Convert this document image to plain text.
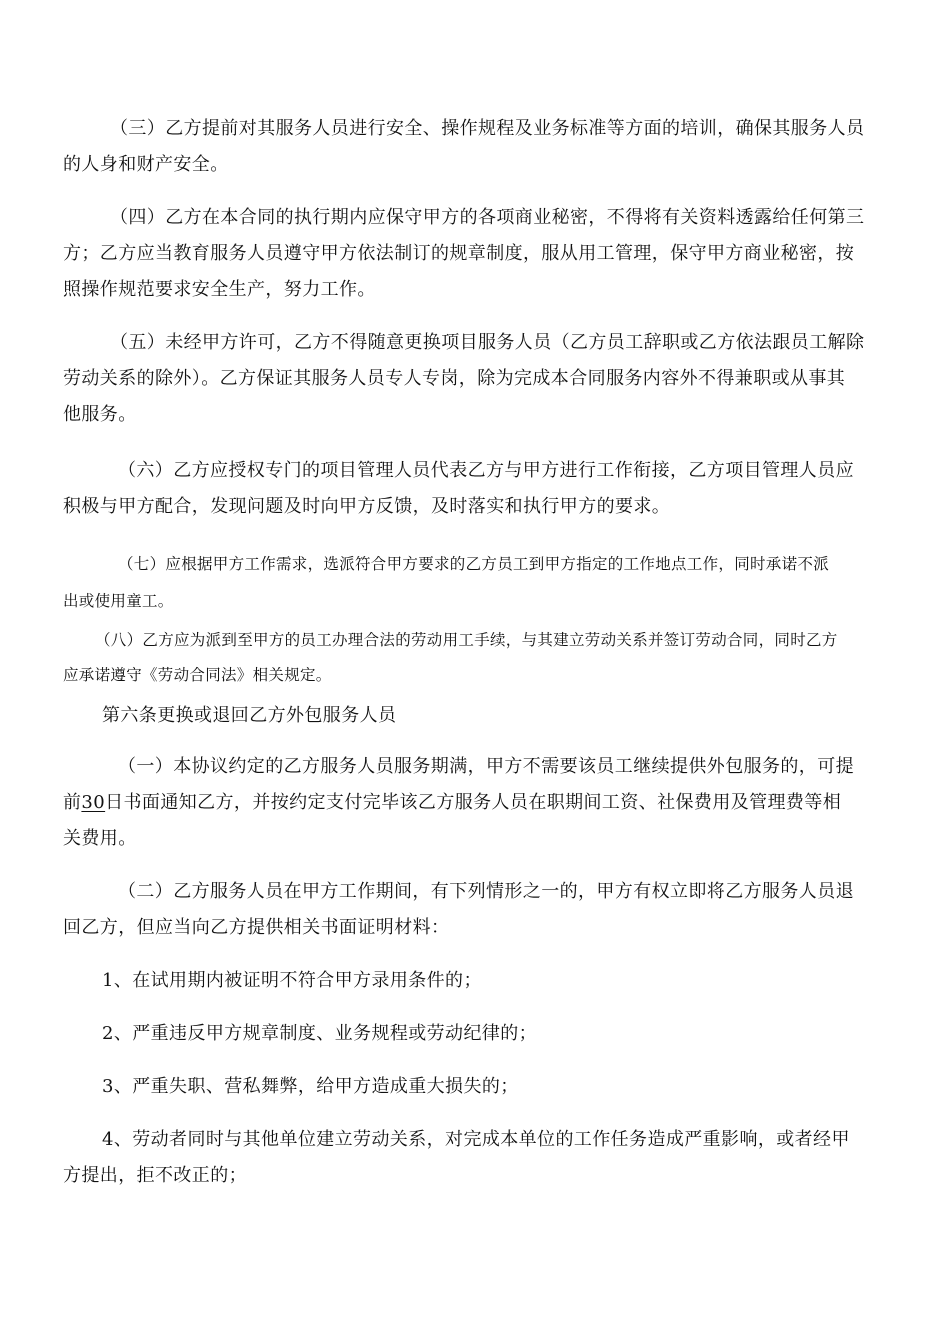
（三）乙方提前对其服务人员进行安全、操作规程及业务标准等方面的培训，确保其服务人员
的人身和财产安全。
（四）乙方在本合同的执行期内应保守甲方的各项商业秘密，不得将有关资料透露给任何第三
方；乙方应当教育服务人员遵守甲方依法制订的规章制度，服从用工管理，保守甲方商业秘密，按
照操作规范要求安全生产，努力工作。
（五）未经甲方许可，乙方不得随意更换项目服务人员（乙方员工辞职或乙方依法跟员工解除
劳动关系的除外）。乙方保证其服务人员专人专岗，除为完成本合同服务内容外不得兼职或从事其
他服务。
（六）乙方应授权专门的项目管理人员代表乙方与甲方进行工作衔接，乙方项目管理人员应
积极与甲方配合，发现问题及时向甲方反馈，及时落实和执行甲方的要求。
（七）应根据甲方工作需求，选派符合甲方要求的乙方员工到甲方指定的工作地点工作，同时承诺不派
出或使用童工。
（八）乙方应为派到至甲方的员工办理合法的劳动用工手续，与其建立劳动关系并签订劳动合同，同时乙方
应承诺遵守《劳动合同法》相关规定。
第六条更换或退回乙方外包服务人员
（一）本协议约定的乙方服务人员服务期满，甲方不需要该员工继续提供外包服务的，可提
前30日书面通知乙方，并按约定支付完毕该乙方服务人员在职期间工资、社保费用及管理费等相
关费用。
（二）乙方服务人员在甲方工作期间，有下列情形之一的，甲方有权立即将乙方服务人员退
回乙方，但应当向乙方提供相关书面证明材料：
1、在试用期内被证明不符合甲方录用条件的；
2、严重违反甲方规章制度、业务规程或劳动纪律的；
3、严重失职、营私舞弊，给甲方造成重大损失的；
4、劳动者同时与其他单位建立劳动关系，对完成本单位的工作任务造成严重影响，或者经甲
方提出，拒不改正的；
